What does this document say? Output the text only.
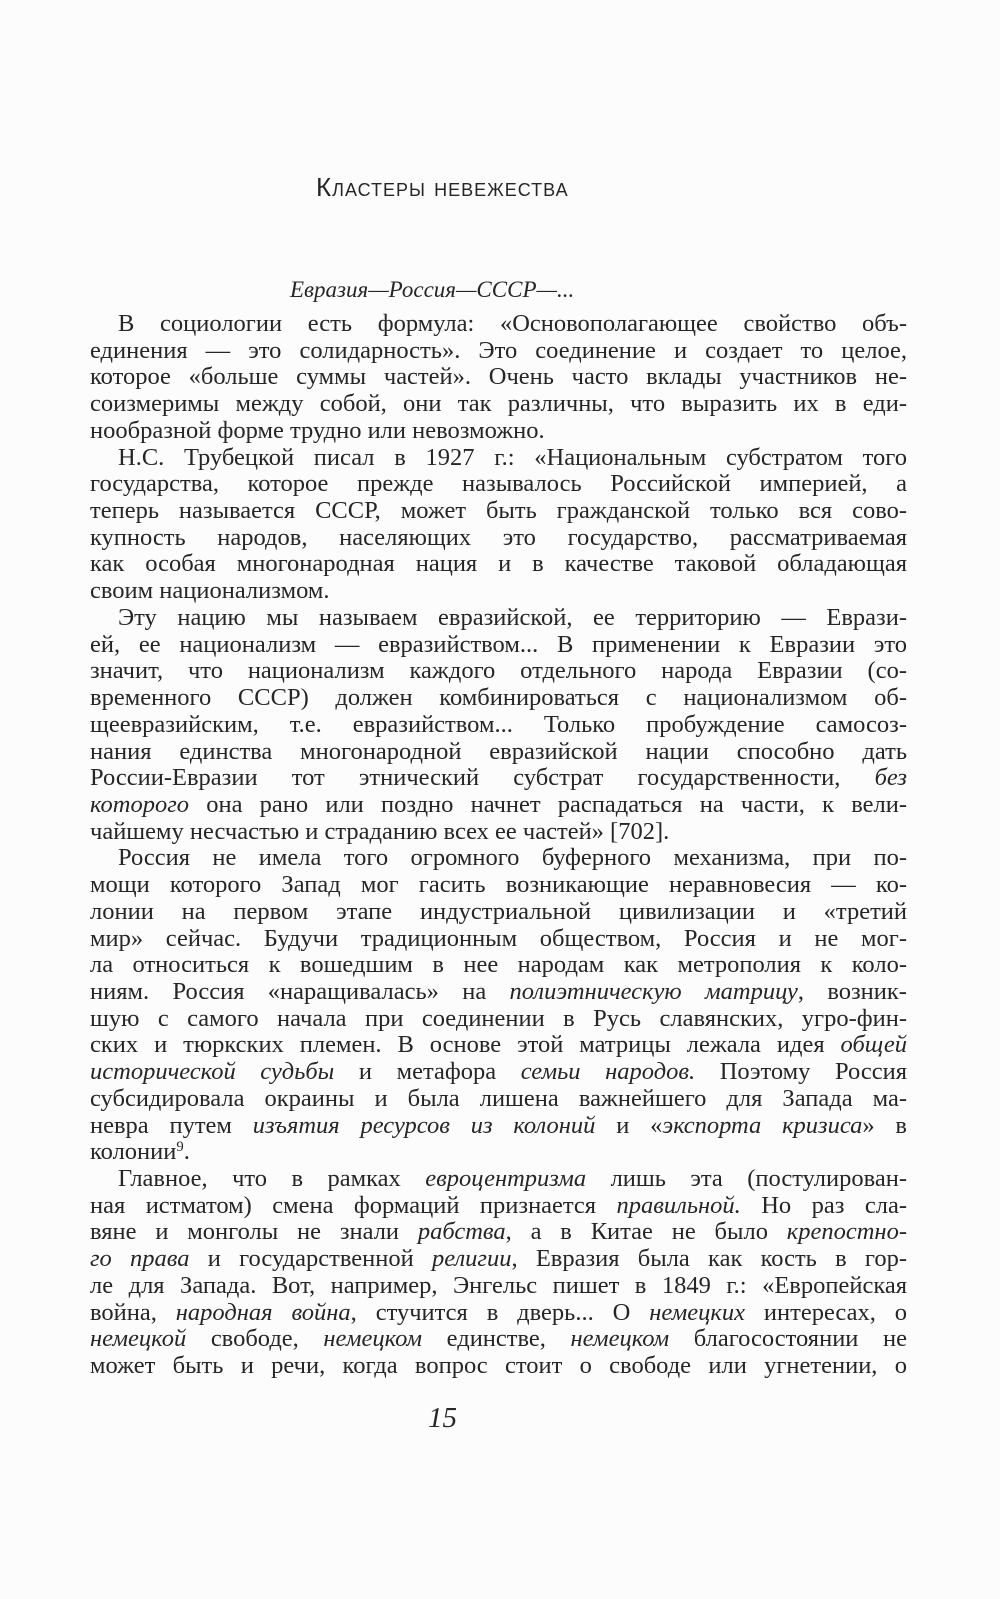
Кластеры невежества
Евразия—Россия—СССР—...
В социологии есть формула: «Основополагающее свойство объ-
единения — это солидарность». Это соединение и создает то целое,
которое «больше суммы частей». Очень часто вклады участников не-
соизмеримы между собой, они так различны, что выразить их в еди-
нообразной форме трудно или невозможно.
Н.С. Трубецкой писал в 1927 г.: «Национальным субстратом того
государства, которое прежде называлось Российской империей, а
теперь называется СССР, может быть гражданской только вся сово-
купность народов, населяющих это государство, рассматриваемая
как особая многонародная нация и в качестве таковой обладающая
своим национализмом.
Эту нацию мы называем евразийской, ее территорию — Еврази-
ей, ее национализм — евразийством... В применении к Евразии это
значит, что национализм каждого отдельного народа Евразии (со-
временного СССР) должен комбинироваться с национализмом об-
щеевразийским, т.е. евразийством... Только пробуждение самосоз-
нания единства многонародной евразийской нации способно дать
России-Евразии тот этнический субстрат государственности, без
которого она рано или поздно начнет распадаться на части, к вели-
чайшему несчастью и страданию всех ее частей» [702].
Россия не имела того огромного буферного механизма, при по-
мощи которого Запад мог гасить возникающие неравновесия — ко-
лонии на первом этапе индустриальной цивилизации и «третий
мир» сейчас. Будучи традиционным обществом, Россия и не мог-
ла относиться к вошедшим в нее народам как метрополия к коло-
ниям. Россия «наращивалась» на полиэтническую матрицу, возник-
шую с самого начала при соединении в Русь славянских, угро-фин-
ских и тюркских племен. В основе этой матрицы лежала идея общей
исторической судьбы и метафора семьи народов. Поэтому Россия
субсидировала окраины и была лишена важнейшего для Запада ма-
невра путем изъятия ресурсов из колоний и «экспорта кризиса» в
колонии$^9$.
Главное, что в рамках евроцентризма лишь эта (постулирован-
ная истматом) смена формаций признается правильной. Но раз сла-
вяне и монголы не знали рабства, а в Китае не было крепостно-
го права и государственной религии, Евразия была как кость в гор-
ле для Запада. Вот, например, Энгельс пишет в 1849 г.: «Европейская
война, народная война, стучится в дверь... О немецких интересах, о
немецкой свободе, немецком единстве, немецком благосостоянии не
может быть и речи, когда вопрос стоит о свободе или угнетении, о
15
